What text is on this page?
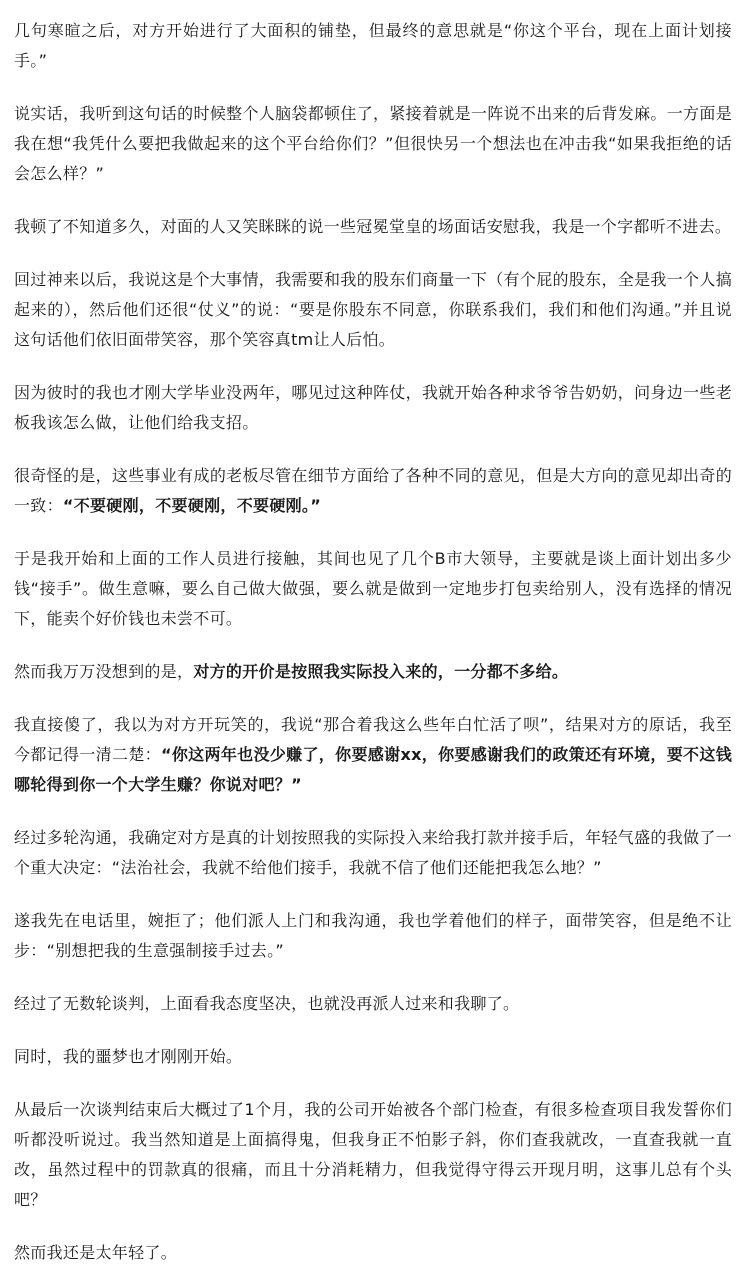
几句寒暄之后，对方开始进行了大面积的铺垫，但最终的意思就是“你这个平台，现在上面计划接手。”

说实话，我听到这句话的时候整个人脑袋都顿住了，紧接着就是一阵说不出来的后背发麻。一方面是我在想“我凭什么要把我做起来的这个平台给你们？”但很快另一个想法也在冲击我“如果我拒绝的话会怎么样？”

我顿了不知道多久，对面的人又笑眯眯的说一些冠冕堂皇的场面话安慰我，我是一个字都听不进去。

回过神来以后，我说这是个大事情，我需要和我的股东们商量一下（有个屁的股东，全是我一个人搞起来的），然后他们还很“仗义”的说：“要是你股东不同意，你联系我们，我们和他们沟通。”并且说这句话他们依旧面带笑容，那个笑容真tm让人后怕。

因为彼时的我也才刚大学毕业没两年，哪见过这种阵仗，我就开始各种求爷爷告奶奶，问身边一些老板我该怎么做，让他们给我支招。

很奇怪的是，这些事业有成的老板尽管在细节方面给了各种不同的意见，但是大方向的意见却出奇的一致：“不要硬刚，不要硬刚，不要硬刚。”

于是我开始和上面的工作人员进行接触，其间也见了几个B市大领导，主要就是谈上面计划出多少钱“接手”。做生意嘛，要么自己做大做强，要么就是做到一定地步打包卖给别人，没有选择的情况下，能卖个好价钱也未尝不可。

然而我万万没想到的是，对方的开价是按照我实际投入来的，一分都不多给。

我直接傻了，我以为对方开玩笑的，我说“那合着我这么些年白忙活了呗”，结果对方的原话，我至今都记得一清二楚：“你这两年也没少赚了，你要感谢xx，你要感谢我们的政策还有环境，要不这钱哪轮得到你一个大学生赚？你说对吧？”

经过多轮沟通，我确定对方是真的计划按照我的实际投入来给我打款并接手后，年轻气盛的我做了一个重大决定：“法治社会，我就不给他们接手，我就不信了他们还能把我怎么地？”

遂我先在电话里，婉拒了；他们派人上门和我沟通，我也学着他们的样子，面带笑容，但是绝不让步：“别想把我的生意强制接手过去。”

经过了无数轮谈判，上面看我态度坚决，也就没再派人过来和我聊了。

同时，我的噩梦也才刚刚开始。

从最后一次谈判结束后大概过了1个月，我的公司开始被各个部门检查，有很多检查项目我发誓你们听都没听说过。我当然知道是上面搞得鬼，但我身正不怕影子斜，你们查我就改，一直查我就一直改，虽然过程中的罚款真的很痛，而且十分消耗精力，但我觉得守得云开现月明，这事儿总有个头吧？

然而我还是太年轻了。
